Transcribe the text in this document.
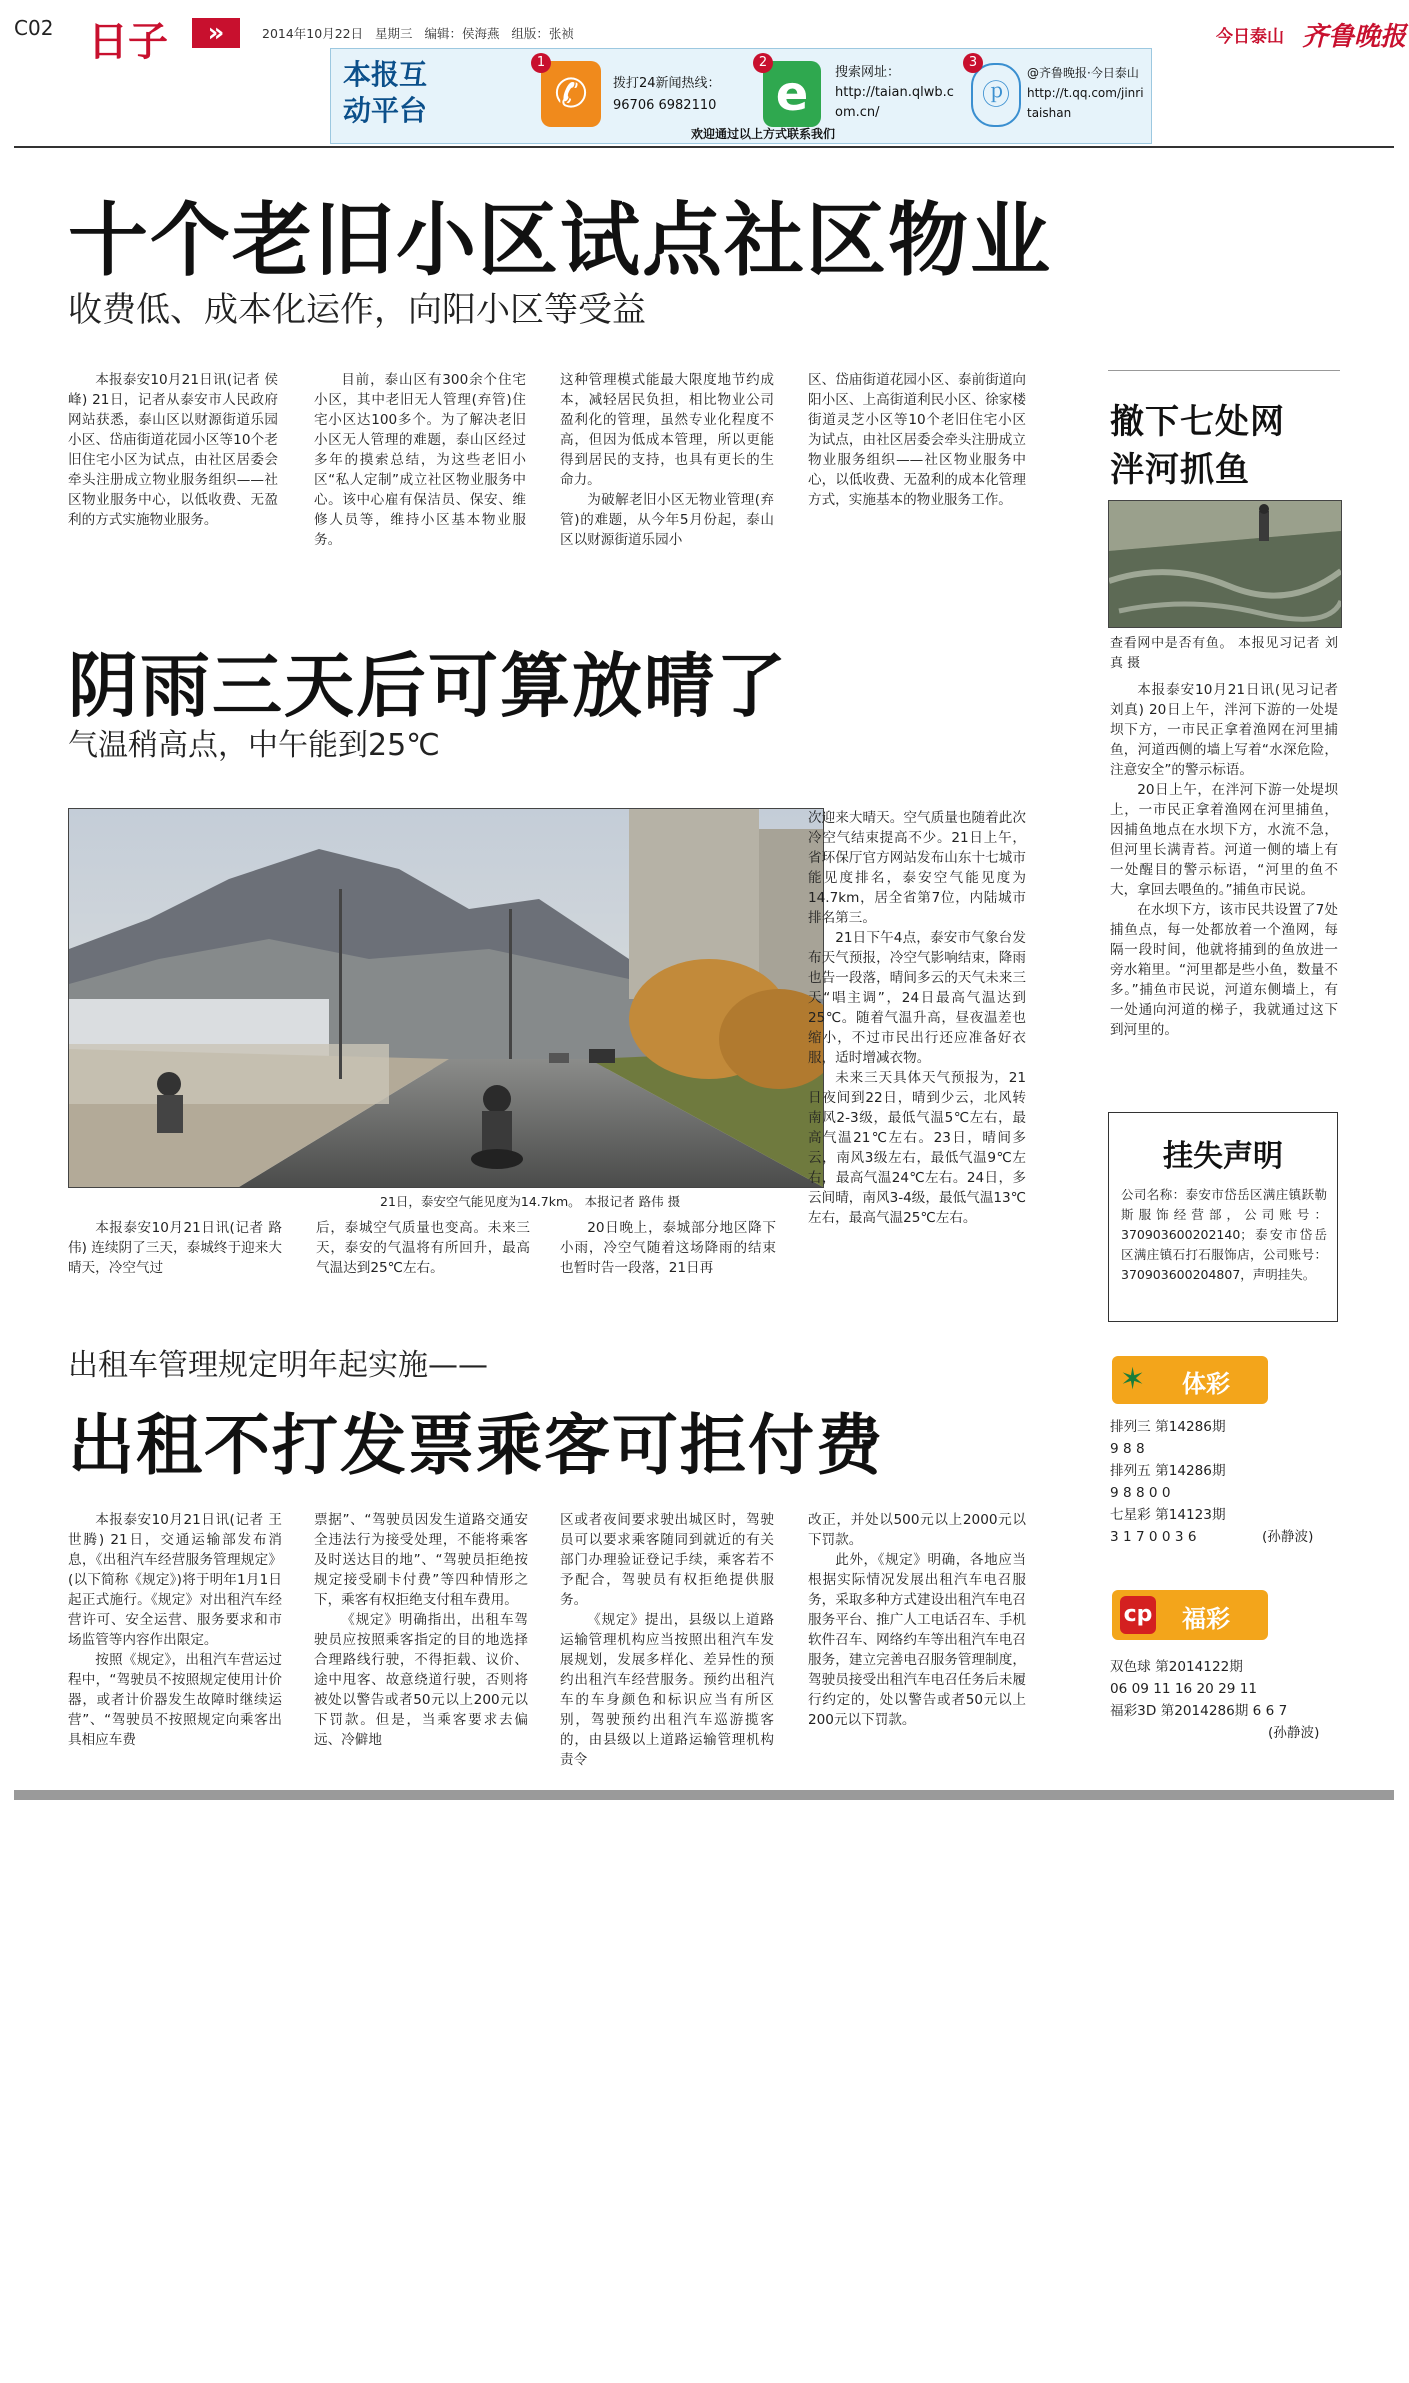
C02 日子	»	2014年10月22日 星期三 编辑：侯海燕 组版：张祯	今日泰山 齐鲁晚报
本报互
动平台	✆
1
拨打24新闻热线：
96706 6982110 e
2
搜索网址：
http://taian.qlwb.com.cn/
ⓟ
3
@齐鲁晚报·今日泰山
http://t.qq.com/jinritaishan
欢迎通过以上方式联系我们
十个老旧小区试点社区物业
收费低、成本化运作，向阳小区等受益

本报泰安10月21日讯(记者 侯峰) 21日，记者从泰安市人民政府网站获悉，泰山区以财源街道乐园小区、岱庙街道花园小区等10个老旧住宅小区为试点，由社区居委会牵头注册成立物业服务组织——社区物业服务中心，以低收费、无盈利的方式实施物业服务。

目前，泰山区有300余个住宅小区，其中老旧无人管理(弃管)住宅小区达100多个。为了解决老旧小区无人管理的难题，泰山区经过多年的摸索总结，为这些老旧小区“私人定制”成立社区物业服务中心。该中心雇有保洁员、保安、维修人员等，维持小区基本物业服务。

这种管理模式能最大限度地节约成本，减轻居民负担，相比物业公司盈利化的管理，虽然专业化程度不高，但因为低成本管理，所以更能得到居民的支持，也具有更长的生命力。

为破解老旧小区无物业管理(弃管)的难题，从今年5月份起，泰山区以财源街道乐园小

区、岱庙街道花园小区、泰前街道向阳小区、上高街道利民小区、徐家楼街道灵芝小区等10个老旧住宅小区为试点，由社区居委会牵头注册成立物业服务组织——社区物业服务中心，以低收费、无盈利的成本化管理方式，实施基本的物业服务工作。

阴雨三天后可算放晴了
气温稍高点，中午能到25℃
21日，泰安空气能见度为14.7km。 本报记者 路伟 摄

次迎来大晴天。空气质量也随着此次冷空气结束提高不少。21日上午，省环保厅官方网站发布山东十七城市能见度排名，泰安空气能见度为14.7km，居全省第7位，内陆城市排名第三。

21日下午4点，泰安市气象台发布天气预报，冷空气影响结束，降雨也告一段落，晴间多云的天气未来三天“唱主调”，24日最高气温达到25℃。随着气温升高，昼夜温差也缩小，不过市民出行还应准备好衣服，适时增减衣物。

未来三天具体天气预报为，21日夜间到22日，晴到少云，北风转南风2-3级，最低气温5℃左右，最高气温21℃左右。23日，晴间多云，南风3级左右，最低气温9℃左右，最高气温24℃左右。24日，多云间晴，南风3-4级，最低气温13℃左右，最高气温25℃左右。

本报泰安10月21日讯(记者 路伟) 连续阴了三天，泰城终于迎来大晴天，冷空气过

后，泰城空气质量也变高。未来三天，泰安的气温将有所回升，最高气温达到25℃左右。

20日晚上，泰城部分地区降下小雨，冷空气随着这场降雨的结束也暂时告一段落，21日再

出租车管理规定明年起实施——
出租不打发票乘客可拒付费

本报泰安10月21日讯(记者 王世腾) 21日，交通运输部发布消息，《出租汽车经营服务管理规定》(以下简称《规定》)将于明年1月1日起正式施行。《规定》对出租汽车经营许可、安全运营、服务要求和市场监管等内容作出限定。

按照《规定》，出租汽车营运过程中，“驾驶员不按照规定使用计价器，或者计价器发生故障时继续运营”、“驾驶员不按照规定向乘客出具相应车费

票据”、“驾驶员因发生道路交通安全违法行为接受处理，不能将乘客及时送达目的地”、“驾驶员拒绝按规定接受刷卡付费”等四种情形之下，乘客有权拒绝支付租车费用。

《规定》明确指出，出租车驾驶员应按照乘客指定的目的地选择合理路线行驶，不得拒载、议价、途中甩客、故意绕道行驶，否则将被处以警告或者50元以上200元以下罚款。但是，当乘客要求去偏远、冷僻地

区或者夜间要求驶出城区时，驾驶员可以要求乘客随同到就近的有关部门办理验证登记手续，乘客若不予配合，驾驶员有权拒绝提供服务。

《规定》提出，县级以上道路运输管理机构应当按照出租汽车发展规划，发展多样化、差异性的预约出租汽车经营服务。预约出租汽车的车身颜色和标识应当有所区别，驾驶预约出租汽车巡游揽客的，由县级以上道路运输管理机构责令

改正，并处以500元以上2000元以下罚款。

此外，《规定》明确，各地应当根据实际情况发展出租汽车电召服务，采取多种方式建设出租汽车电召服务平台、推广人工电话召车、手机软件召车、网络约车等出租汽车电召服务，建立完善电召服务管理制度，驾驶员接受出租汽车电召任务后未履行约定的，处以警告或者50元以上200元以下罚款。

撤下七处网
泮河抓鱼
查看网中是否有鱼。 本报见习记者 刘真 摄

本报泰安10月21日讯(见习记者 刘真) 20日上午，泮河下游的一处堤坝下方，一市民正拿着渔网在河里捕鱼，河道西侧的墙上写着“水深危险，注意安全”的警示标语。

20日上午，在泮河下游一处堤坝上，一市民正拿着渔网在河里捕鱼，因捕鱼地点在水坝下方，水流不急，但河里长满青苔。河道一侧的墙上有一处醒目的警示标语，“河里的鱼不大，拿回去喂鱼的。”捕鱼市民说。

在水坝下方，该市民共设置了7处捕鱼点，每一处都放着一个渔网，每隔一段时间，他就将捕到的鱼放进一旁水箱里。“河里都是些小鱼，数量不多。”捕鱼市民说，河道东侧墙上，有一处通向河道的梯子，我就通过这下到河里的。

挂失声明
公司名称：泰安市岱岳区满庄镇跃勒斯服饰经营部，公司账号：370903600202140；泰安市岱岳区满庄镇石打石服饰店，公司账号：370903600204807，声明挂失。
✶ 体彩
排列三 第14286期
9 8 8
排列五 第14286期
9 8 8 0 0
七星彩 第14123期
3 1 7 0 0 3 6	(孙静波)
cp 福彩
双色球 第2014122期
06 09 11 16 20 29 11
福彩3D 第2014286期 6 6 7
(孙静波)
